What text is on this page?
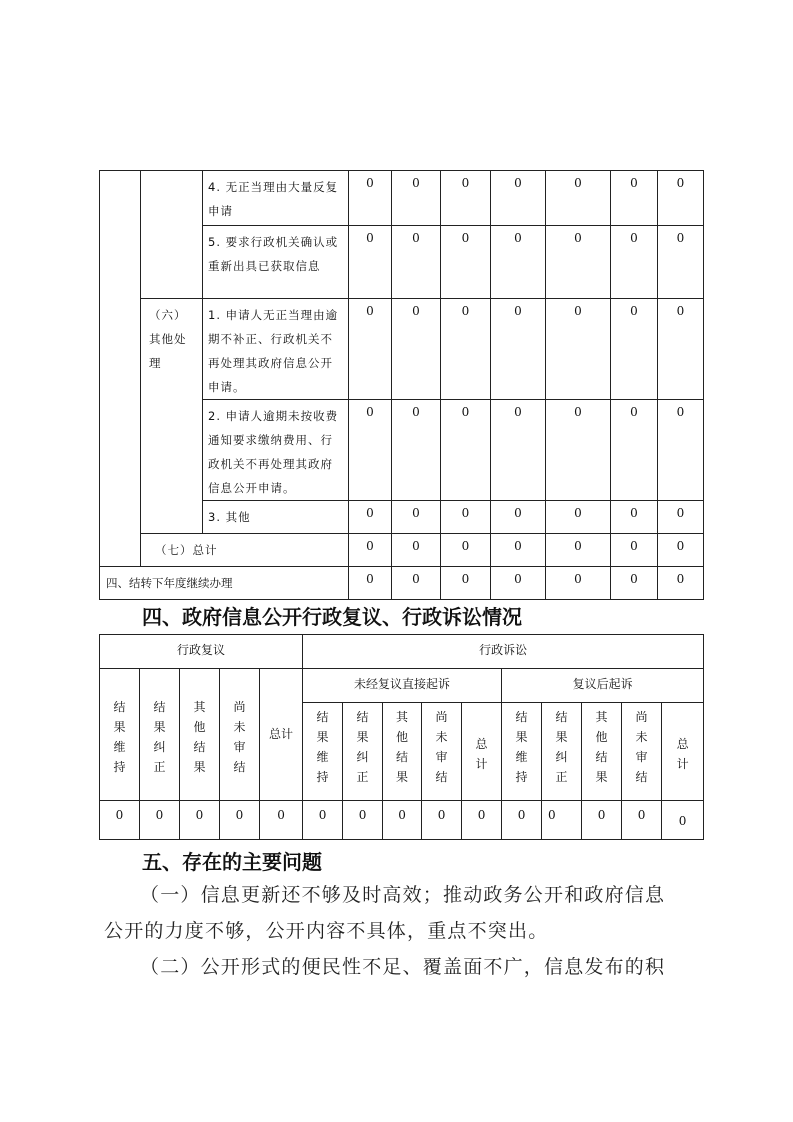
		4. 无正当理由大量反复申请	0	0	0	0	0	0	0
		5. 要求行政机关确认或重新出具已获取信息	0	0	0	0	0	0	0
	（六）其他处理	1. 申请人无正当理由逾期不补正、行政机关不再处理其政府信息公开申请。	0	0	0	0	0	0	0
		2. 申请人逾期未按收费通知要求缴纳费用、行政机关不再处理其政府信息公开申请。	0	0	0	0	0	0	0
		3. 其他	0	0	0	0	0	0	0
	（七）总计		0	0	0	0	0	0	0
四、结转下年度继续办理			0	0	0	0	0	0	0
四、政府信息公开行政复议、行政诉讼情况
行政复议					行政诉讼									
结果维持	结果纠正	其他结果	尚未审结	总计	未经复议直接起诉					复议后起诉				
					结果维持	结果纠正	其他结果	尚未审结	总计	结果维持	结果纠正	其他结果	尚未审结	总计
0	0	0	0	0	0	0	0	0	0	0	0	0	0	0
五、存在的主要问题
（一）信息更新还不够及时高效；推动政务公开和政府信息
公开的力度不够，公开内容不具体，重点不突出。
（二）公开形式的便民性不足、覆盖面不广，信息发布的积
